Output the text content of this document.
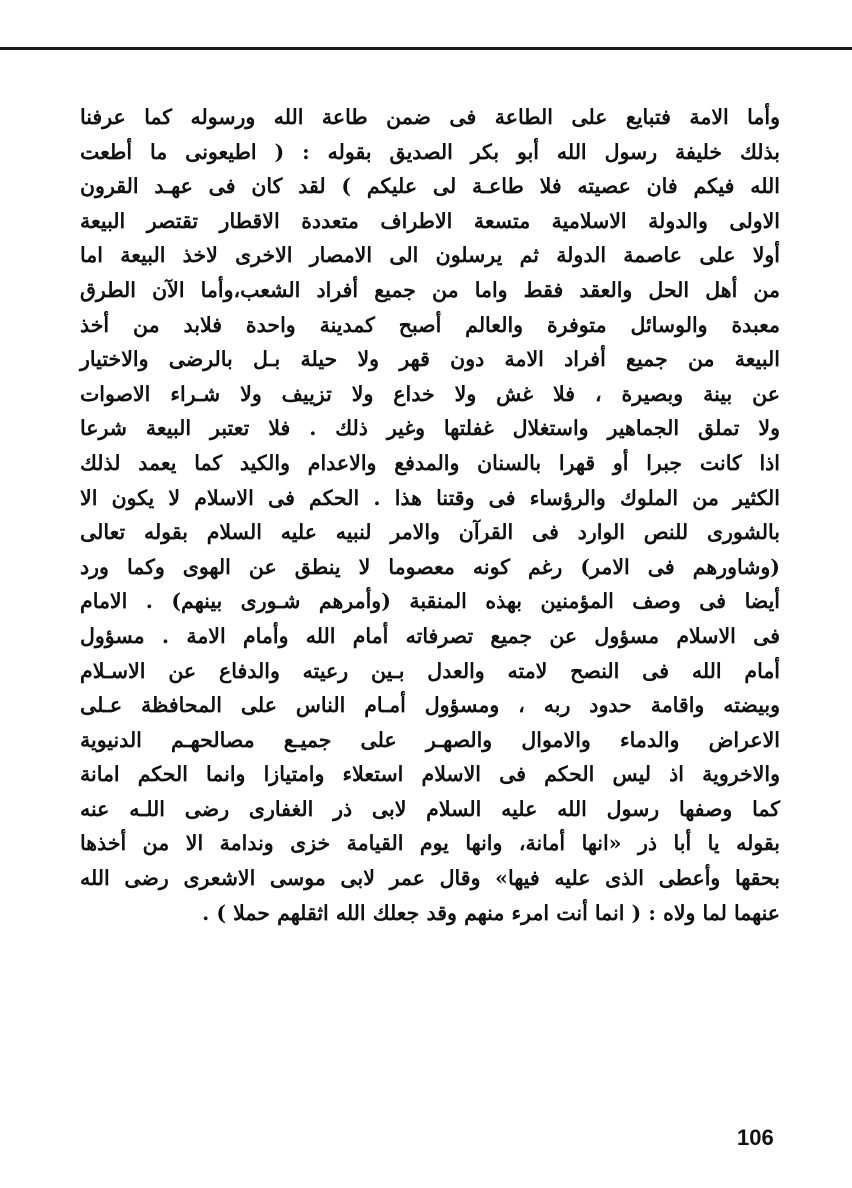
وأما الامة فتبايع على الطاعة فى ضمن طاعة الله ورسوله كما عرفنا
بذلك خليفة رسول الله أبو بكر الصديق بقوله : ( اطيعونى ما أطعت
الله فيكم فان عصيته فلا طاعـة لى عليكم ) لقد كان فى عهـد القرون
الاولى والدولة الاسلامية متسعة الاطراف متعددة الاقطار تقتصر البيعة
أولا على عاصمة الدولة ثم يرسلون الى الامصار الاخرى لاخذ البيعة اما
من أهل الحل والعقد فقط واما من جميع أفراد الشعب،وأما الآن الطرق
معبدة والوسائل متوفرة والعالم أصبح كمدينة واحدة فلابد من أخذ
البيعة من جميع أفراد الامة دون قهر ولا حيلة بـل بالرضى والاختيار
عن بينة وبصيرة ، فلا غش ولا خداع ولا تزييف ولا شـراء الاصوات
ولا تملق الجماهير واستغلال غفلتها وغير ذلك . فلا تعتبر البيعة شرعا
اذا كانت جبرا أو قهرا بالسنان والمدفع والاعدام والكيد كما يعمد لذلك
الكثير من الملوك والرؤساء فى وقتنا هذا . الحكم فى الاسلام لا يكون الا
بالشورى للنص الوارد فى القرآن والامر لنبيه عليه السلام بقوله تعالى
(وشاورهم فى الامر) رغم كونه معصوما لا ينطق عن الهوى وكما ورد
أيضا فى وصف المؤمنين بهذه المنقبة (وأمرهم شـورى بينهم) . الامام
فى الاسلام مسؤول عن جميع تصرفاته أمام الله وأمام الامة . مسؤول
أمام الله فى النصح لامته والعدل بـين رعيته والدفاع عن الاسـلام
وبيضته واقامة حدود ربه ، ومسؤول أمـام الناس على المحافظة عـلى
الاعراض والدماء والاموال والصهـر على جميـع مصالحهـم الدنيوية
والاخروية اذ ليس الحكم فى الاسلام استعلاء وامتيازا وانما الحكم امانة
كما وصفها رسول الله عليه السلام لابى ذر الغفارى رضى اللـه عنه
بقوله يا أبا ذر «انها أمانة، وانها يوم القيامة خزى وندامة الا من أخذها
بحقها وأعطى الذى عليه فيها» وقال عمر لابى موسى الاشعرى رضى الله
عنهما لما ولاه : ( انما أنت امرء منهم وقد جعلك الله اثقلهم حملا ) .
106
